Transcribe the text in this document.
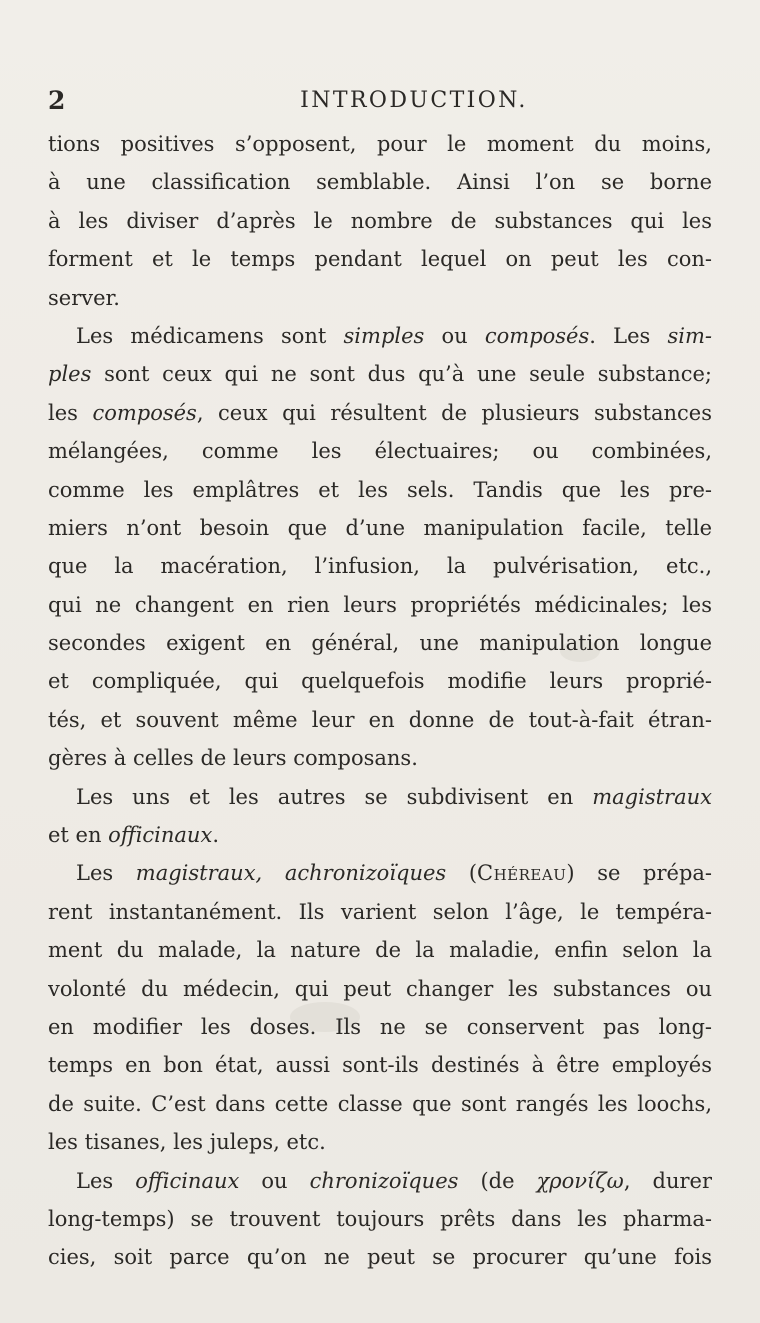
2	INTRODUCTION.
tions positives s’opposent, pour le moment du moins,
à une classification semblable. Ainsi l’on se borne
à les diviser d’après le nombre de substances qui les
forment et le temps pendant lequel on peut les con-
server.
Les médicamens sont simples ou composés. Les sim-
ples sont ceux qui ne sont dus qu’à une seule substance;
les composés, ceux qui résultent de plusieurs substances
mélangées, comme les électuaires; ou combinées,
comme les emplâtres et les sels. Tandis que les pre-
miers n’ont besoin que d’une manipulation facile, telle
que la macération, l’infusion, la pulvérisation, etc.,
qui ne changent en rien leurs propriétés médicinales; les
secondes exigent en général, une manipulation longue
et compliquée, qui quelquefois modifie leurs proprié-
tés, et souvent même leur en donne de tout-à-fait étran-
gères à celles de leurs composans.
Les uns et les autres se subdivisent en magistraux
et en officinaux.
Les magistraux, achronizoïques (Chéreau) se prépa-
rent instantanément. Ils varient selon l’âge, le tempéra-
ment du malade, la nature de la maladie, enfin selon la
volonté du médecin, qui peut changer les substances ou
en modifier les doses. Ils ne se conservent pas long-
temps en bon état, aussi sont-ils destinés à être employés
de suite. C’est dans cette classe que sont rangés les loochs,
les tisanes, les juleps, etc.
Les officinaux ou chronizoïques (de χρονίζω, durer
long-temps) se trouvent toujours prêts dans les pharma-
cies, soit parce qu’on ne peut se procurer qu’une fois
